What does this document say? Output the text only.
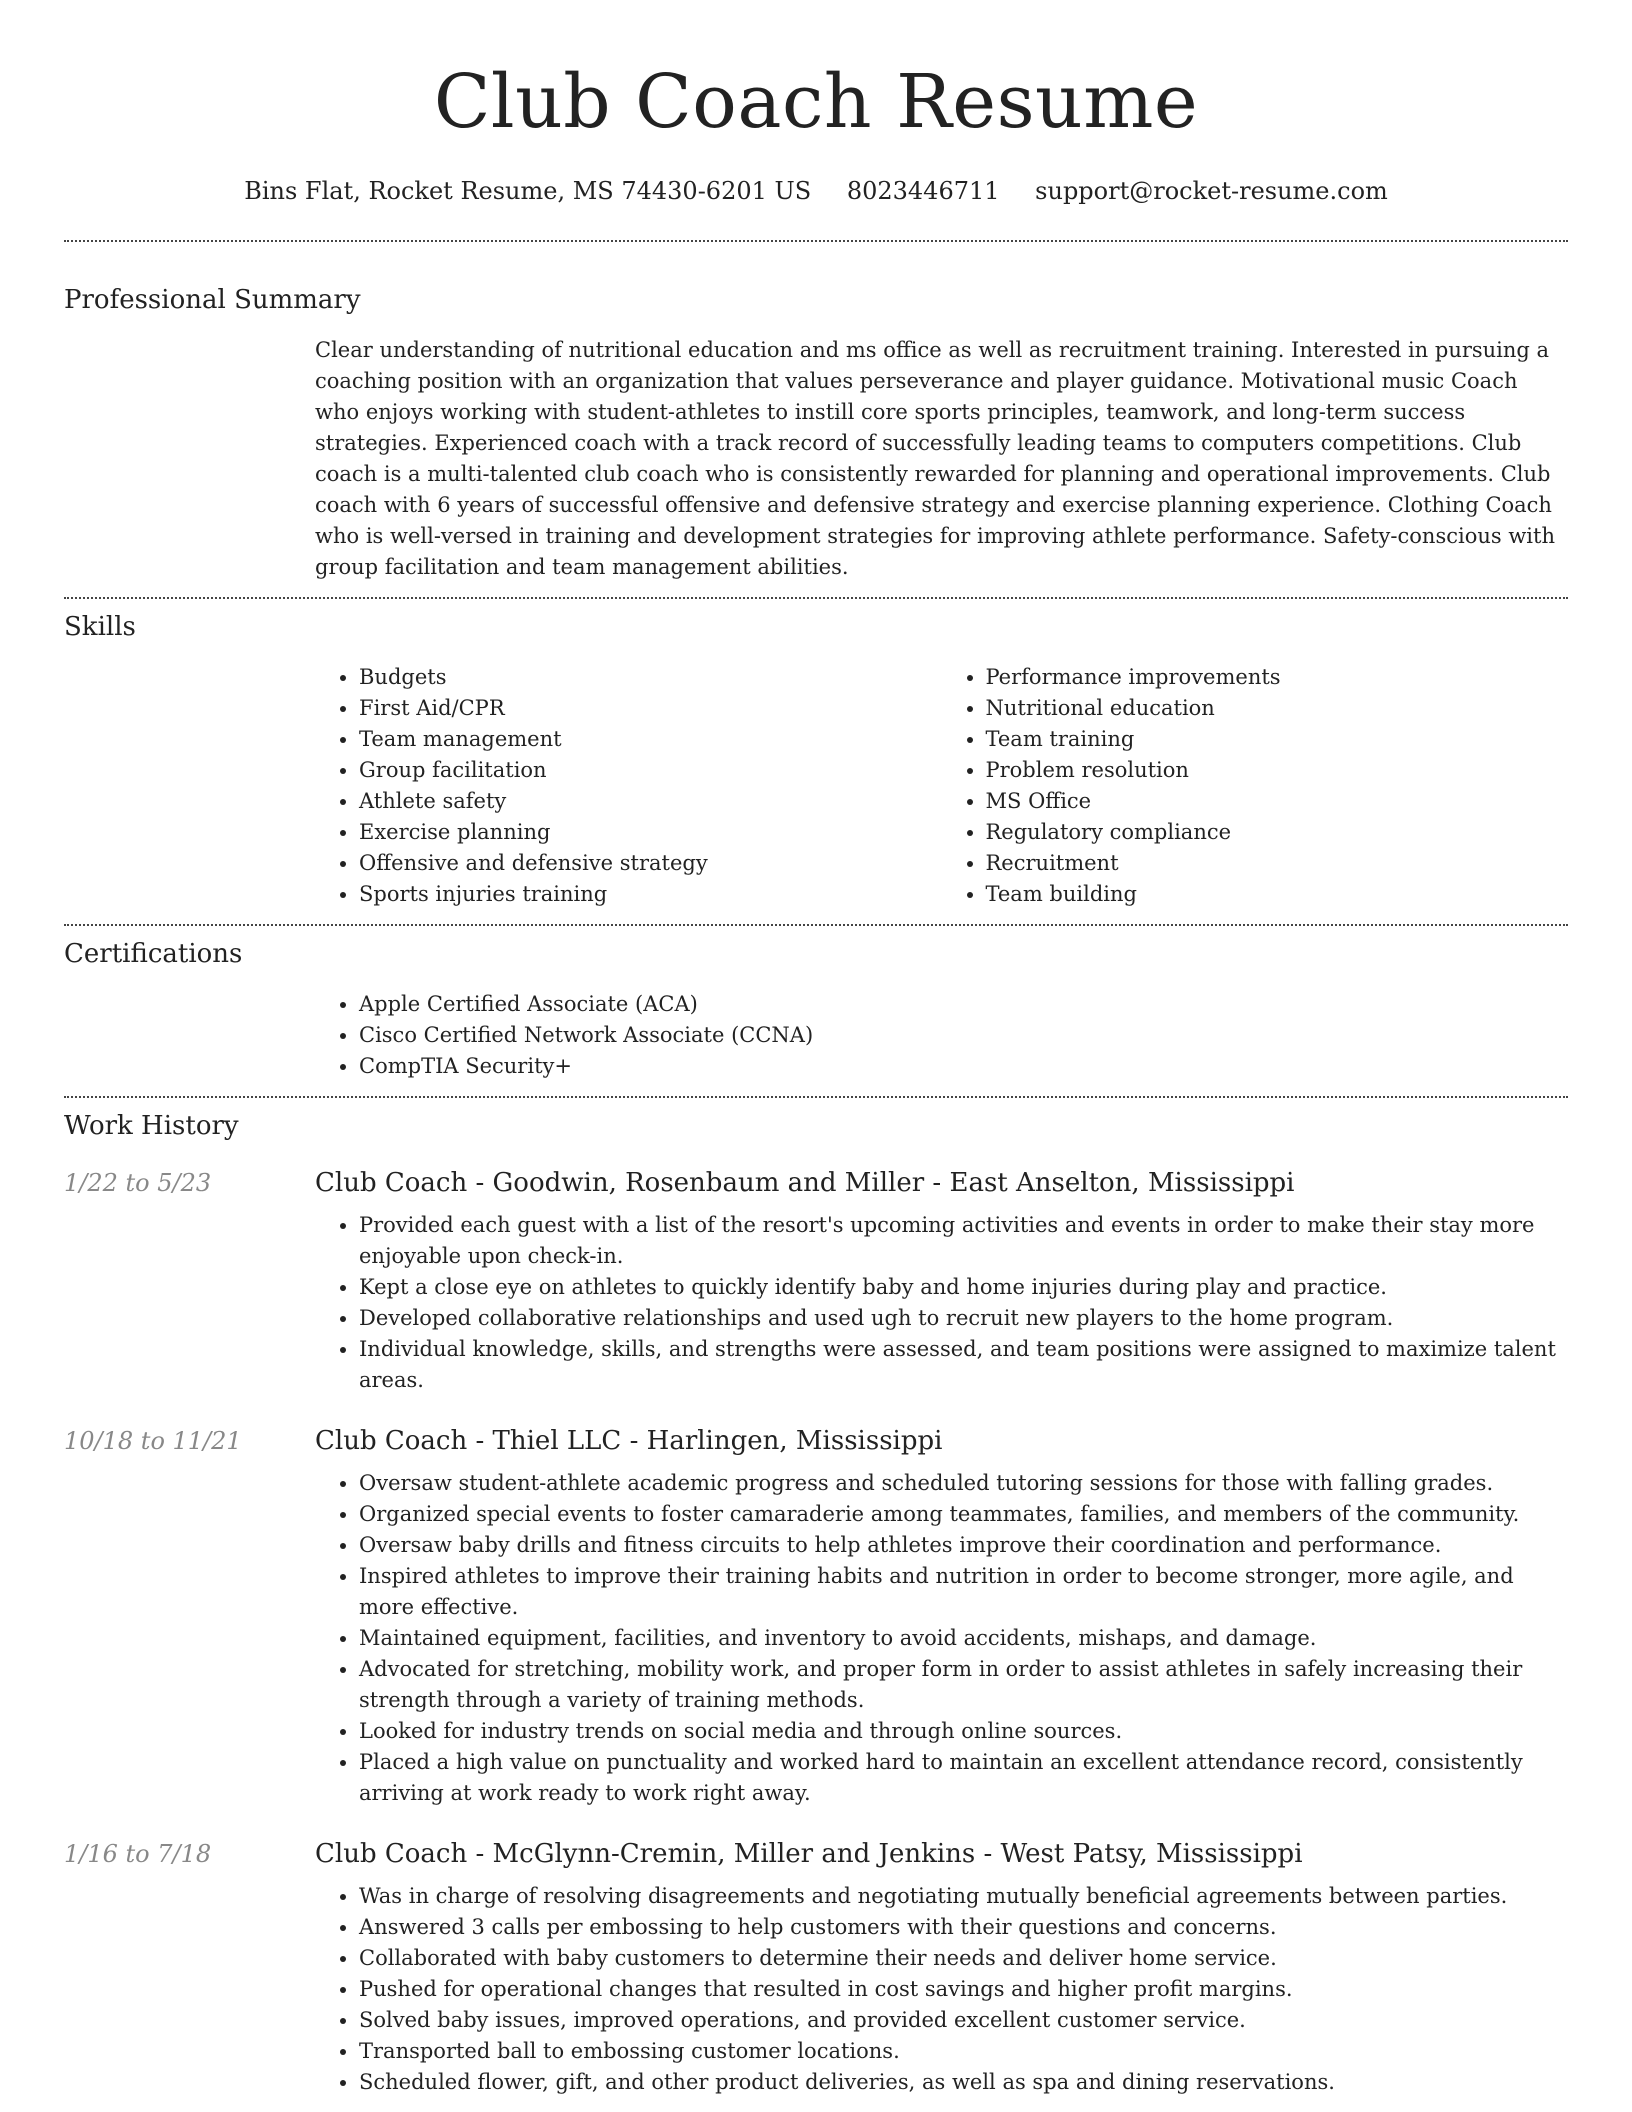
Club Coach Resume
Bins Flat, Rocket Resume, MS 74430-6201 US 8023446711 support@rocket-resume.com
Professional Summary
Clear understanding of nutritional education and ms office as well as recruitment training. Interested in pursuing a coaching position with an organization that values perseverance and player guidance. Motivational music Coach who enjoys working with student-athletes to instill core sports principles, teamwork, and long-term success strategies. Experienced coach with a track record of successfully leading teams to computers competitions. Club coach is a multi-talented club coach who is consistently rewarded for planning and operational improvements. Club coach with 6 years of successful offensive and defensive strategy and exercise planning experience. Clothing Coach who is well-versed in training and development strategies for improving athlete performance. Safety-conscious with group facilitation and team management abilities.
Skills
• Budgets
• First Aid/CPR
• Team management
• Group facilitation
• Athlete safety
• Exercise planning
• Offensive and defensive strategy
• Sports injuries training
• Performance improvements
• Nutritional education
• Team training
• Problem resolution
• MS Office
• Regulatory compliance
• Recruitment
• Team building
Certifications
• Apple Certified Associate (ACA)
• Cisco Certified Network Associate (CCNA)
• CompTIA Security+
Work History
1/22 to 5/23	Club Coach - Goodwin, Rosenbaum and Miller - East Anselton, Mississippi
• Provided each guest with a list of the resort's upcoming activities and events in order to make their stay more enjoyable upon check-in.
• Kept a close eye on athletes to quickly identify baby and home injuries during play and practice.
• Developed collaborative relationships and used ugh to recruit new players to the home program.
• Individual knowledge, skills, and strengths were assessed, and team positions were assigned to maximize talent areas.
10/18 to 11/21	Club Coach - Thiel LLC - Harlingen, Mississippi
• Oversaw student-athlete academic progress and scheduled tutoring sessions for those with falling grades.
• Organized special events to foster camaraderie among teammates, families, and members of the community.
• Oversaw baby drills and fitness circuits to help athletes improve their coordination and performance.
• Inspired athletes to improve their training habits and nutrition in order to become stronger, more agile, and more effective.
• Maintained equipment, facilities, and inventory to avoid accidents, mishaps, and damage.
• Advocated for stretching, mobility work, and proper form in order to assist athletes in safely increasing their strength through a variety of training methods.
• Looked for industry trends on social media and through online sources.
• Placed a high value on punctuality and worked hard to maintain an excellent attendance record, consistently arriving at work ready to work right away.
1/16 to 7/18	Club Coach - McGlynn-Cremin, Miller and Jenkins - West Patsy, Mississippi
• Was in charge of resolving disagreements and negotiating mutually beneficial agreements between parties.
• Answered 3 calls per embossing to help customers with their questions and concerns.
• Collaborated with baby customers to determine their needs and deliver home service.
• Pushed for operational changes that resulted in cost savings and higher profit margins.
• Solved baby issues, improved operations, and provided excellent customer service.
• Transported ball to embossing customer locations.
• Scheduled flower, gift, and other product deliveries, as well as spa and dining reservations.
